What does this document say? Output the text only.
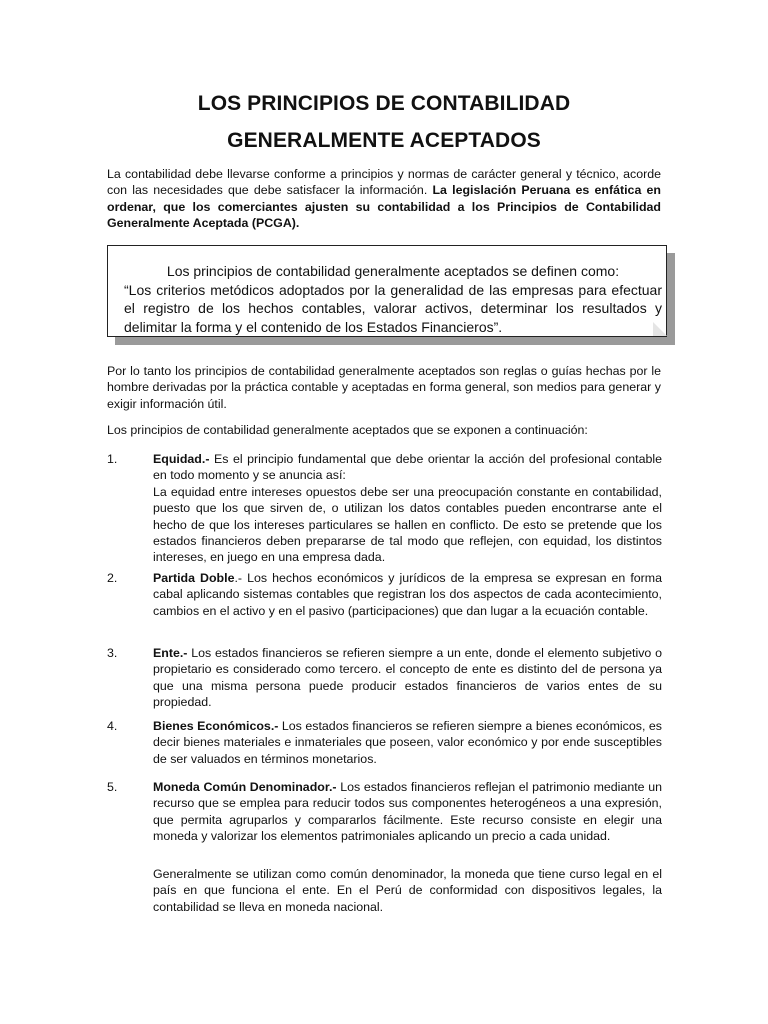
LOS PRINCIPIOS DE CONTABILIDAD
GENERALMENTE ACEPTADOS

La contabilidad debe llevarse conforme a principios y normas de carácter general y técnico, acorde con las necesidades que debe satisfacer la información. La legislación Peruana es enfática en ordenar, que los comerciantes ajusten su contabilidad a los Principios de Contabilidad Generalmente Aceptada (PCGA).

Los principios de contabilidad generalmente aceptados se definen como:
“Los criterios metódicos adoptados por la generalidad de las empresas para efectuar el registro de los hechos contables, valorar activos, determinar los resultados y delimitar la forma y el contenido de los Estados Financieros”.

Por lo tanto los principios de contabilidad generalmente aceptados son reglas o guías hechas por le hombre derivadas por la práctica contable y aceptadas en forma general, son medios para generar y exigir información útil.

Los principios de contabilidad generalmente aceptados que se exponen a continuación:

1.	Equidad.- Es el principio fundamental que debe orientar la acción del profesional contable en todo momento y se anuncia así:
La equidad entre intereses opuestos debe ser una preocupación constante en contabilidad, puesto que los que sirven de, o utilizan los datos contables pueden encontrarse ante el hecho de que los intereses particulares se hallen en conflicto. De esto se pretende que los estados financieros deben prepararse de tal modo que reflejen, con equidad, los distintos intereses, en juego en una empresa dada.

2.	Partida Doble.- Los hechos económicos y jurídicos de la empresa se expresan en forma cabal aplicando sistemas contables que registran los dos aspectos de cada acontecimiento, cambios en el activo y en el pasivo (participaciones) que dan lugar a la ecuación contable.

3.	Ente.- Los estados financieros se refieren siempre a un ente, donde el elemento subjetivo o propietario es considerado como tercero. el concepto de ente es distinto del de persona ya que una misma persona puede producir estados financieros de varios entes de su propiedad.

4.	Bienes Económicos.- Los estados financieros se refieren siempre a bienes económicos, es decir bienes materiales e inmateriales que poseen, valor económico y por ende susceptibles de ser valuados en términos monetarios.

5.	Moneda Común Denominador.- Los estados financieros reflejan el patrimonio mediante un recurso que se emplea para reducir todos sus componentes heterogéneos a una expresión, que permita agruparlos y compararlos fácilmente. Este recurso consiste en elegir una moneda y valorizar los elementos patrimoniales aplicando un precio a cada unidad.

Generalmente se utilizan como común denominador, la moneda que tiene curso legal en el país en que funciona el ente. En el Perú de conformidad con dispositivos legales, la contabilidad se lleva en moneda nacional.
